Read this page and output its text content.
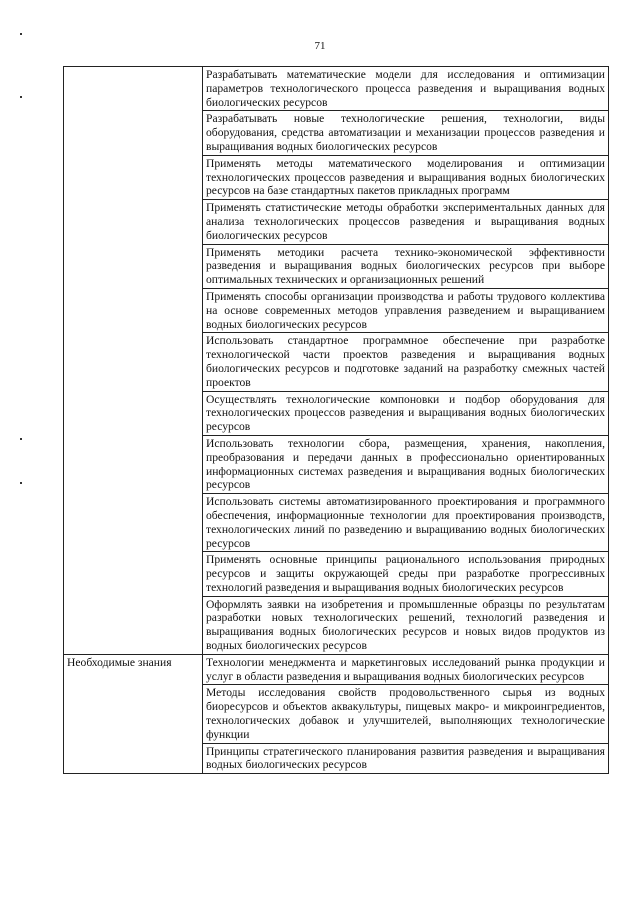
71
	Разрабатывать математические модели для исследования и оптимизации параметров технологического процесса разведения и выращивания водных биологических ресурсов
	Разрабатывать новые технологические решения, технологии, виды оборудования, средства автоматизации и механизации процессов разведения и выращивания водных биологических ресурсов
	Применять методы математического моделирования и оптимизации технологических процессов разведения и выращивания водных биологических ресурсов на базе стандартных пакетов прикладных программ
	Применять статистические методы обработки экспериментальных данных для анализа технологических процессов разведения и выращивания водных биологических ресурсов
	Применять методики расчета технико-экономической эффективности разведения и выращивания водных биологических ресурсов при выборе оптимальных технических и организационных решений
	Применять способы организации производства и работы трудового коллектива на основе современных методов управления разведением и выращиванием водных биологических ресурсов
	Использовать стандартное программное обеспечение при разработке технологической части проектов разведения и выращивания водных биологических ресурсов и подготовке заданий на разработку смежных частей проектов
	Осуществлять технологические компоновки и подбор оборудования для технологических процессов разведения и выращивания водных биологических ресурсов
	Использовать технологии сбора, размещения, хранения, накопления, преобразования и передачи данных в профессионально ориентированных информационных системах разведения и выращивания водных биологических ресурсов
	Использовать системы автоматизированного проектирования и программного обеспечения, информационные технологии для проектирования производств, технологических линий по разведению и выращиванию водных биологических ресурсов
	Применять основные принципы рационального использования природных ресурсов и защиты окружающей среды при разработке прогрессивных технологий разведения и выращивания водных биологических ресурсов
	Оформлять заявки на изобретения и промышленные образцы по результатам разработки новых технологических решений, технологий разведения и выращивания водных биологических ресурсов и новых видов продуктов из водных биологических ресурсов
Необходимые знания	Технологии менеджмента и маркетинговых исследований рынка продукции и услуг в области разведения и выращивания водных биологических ресурсов
	Методы исследования свойств продовольственного сырья из водных биоресурсов и объектов аквакультуры, пищевых макро- и микроингредиентов, технологических добавок и улучшителей, выполняющих технологические функции
	Принципы стратегического планирования развития разведения и выращивания водных биологических ресурсов
